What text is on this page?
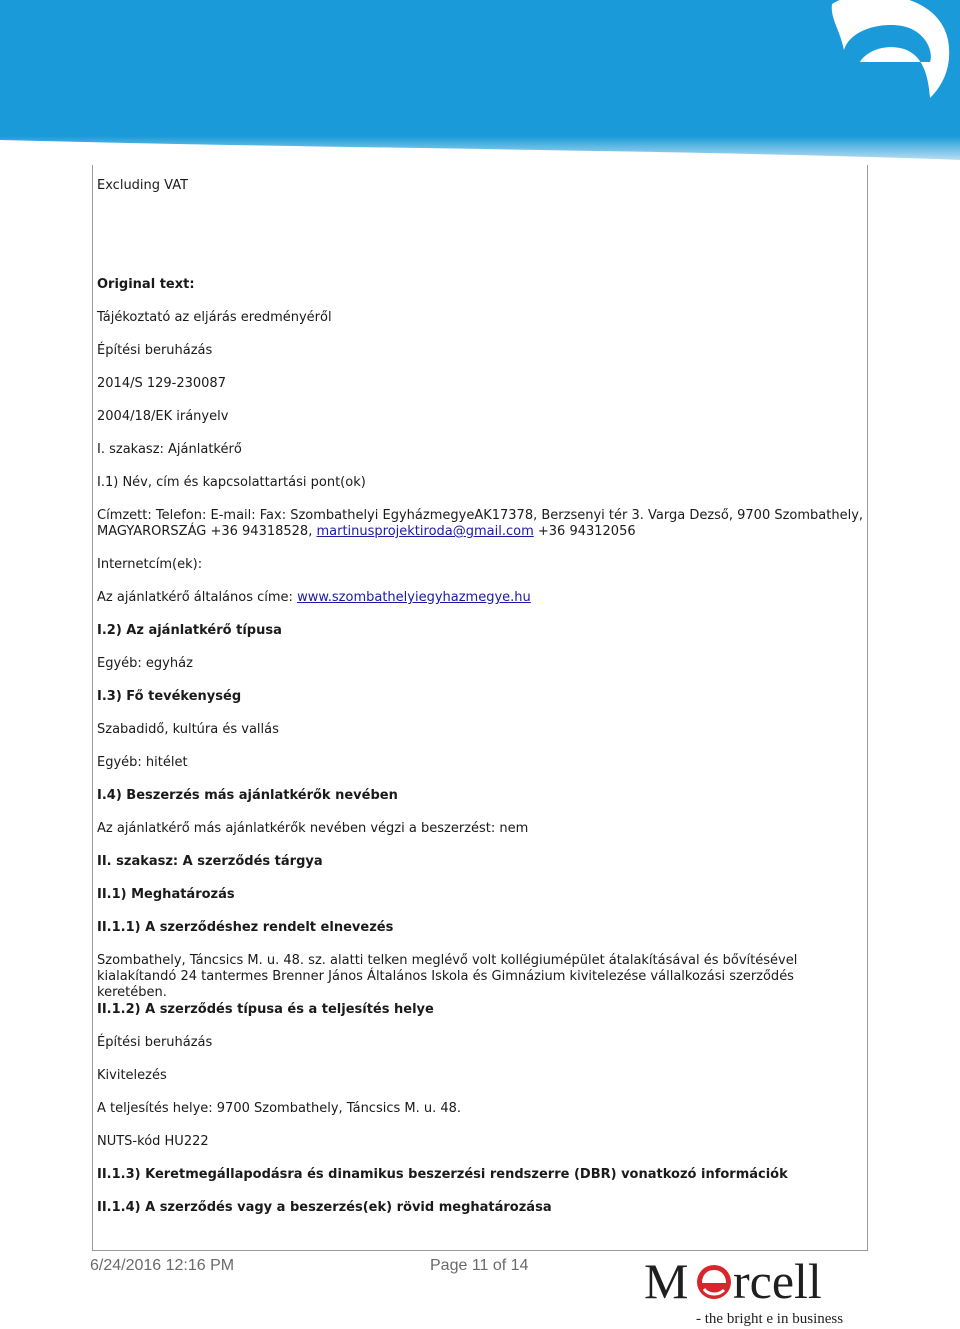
Excluding VAT
Original text:
Tájékoztató az eljárás eredményéről
Építési beruházás
2014/S 129-230087
2004/18/EK irányelv
I. szakasz: Ajánlatkérő
I.1) Név, cím és kapcsolattartási pont(ok)
Címzett: Telefon: E-mail: Fax: Szombathelyi EgyházmegyeAK17378, Berzsenyi tér 3. Varga Dezső, 9700 Szombathely,
MAGYARORSZÁG +36 94318528, martinusprojektiroda@gmail.com +36 94312056
Internetcím(ek):
Az ajánlatkérő általános címe: www.szombathelyiegyhazmegye.hu
I.2) Az ajánlatkérő típusa
Egyéb: egyház
I.3) Fő tevékenység
Szabadidő, kultúra és vallás
Egyéb: hitélet
I.4) Beszerzés más ajánlatkérők nevében
Az ajánlatkérő más ajánlatkérők nevében végzi a beszerzést: nem
II. szakasz: A szerződés tárgya
II.1) Meghatározás
II.1.1) A szerződéshez rendelt elnevezés
Szombathely, Táncsics M. u. 48. sz. alatti telken meglévő volt kollégiumépület átalakításával és bővítésével kialakítandó 24 tantermes Brenner János Általános Iskola és Gimnázium kivitelezése vállalkozási szerződés keretében.
II.1.2) A szerződés típusa és a teljesítés helye
Építési beruházás
Kivitelezés
A teljesítés helye: 9700 Szombathely, Táncsics M. u. 48.
NUTS-kód HU222
II.1.3) Keretmegállapodásra és dinamikus beszerzési rendszerre (DBR) vonatkozó információk
II.1.4) A szerződés vagy a beszerzés(ek) rövid meghatározása
6/24/2016 12:16 PM	Page 11 of 14 M rcell
- the bright e in business
